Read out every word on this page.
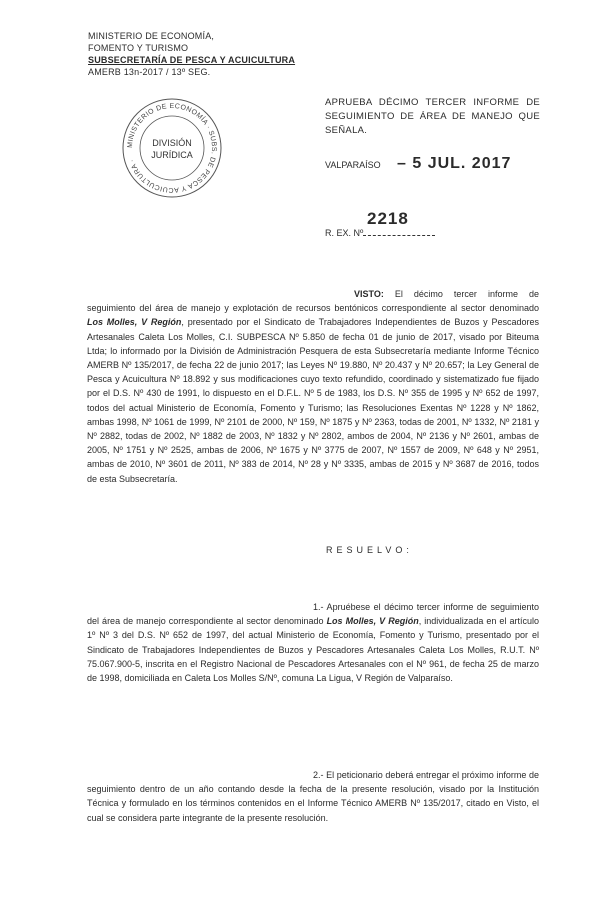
MINISTERIO DE ECONOMÍA,
FOMENTO Y TURISMO
SUBSECRETARÍA DE PESCA Y ACUICULTURA
AMERB 13n-2017 / 13º SEG.
APRUEBA DÉCIMO TERCER INFORME DE SEGUIMIENTO DE ÁREA DE MANEJO QUE SEÑALA.
MINISTERIO DE ECONOMÍA · SUBS. DE PESCA Y ACUICULTURA ·
DIVISIÓN
JURÍDICA
VALPARAÍSO – 5 JUL. 2017
R. EX. Nº
2218
VISTO: El décimo tercer informe de seguimiento del área de manejo y explotación de recursos bentónicos correspondiente al sector denominado Los Molles, V Región, presentado por el Sindicato de Trabajadores Independientes de Buzos y Pescadores Artesanales Caleta Los Molles, C.I. SUBPESCA Nº 5.850 de fecha 01 de junio de 2017, visado por Biteuma Ltda; lo informado por la División de Administración Pesquera de esta Subsecretaría mediante Informe Técnico AMERB Nº 135/2017, de fecha 22 de junio 2017; las Leyes Nº 19.880, Nº 20.437 y Nº 20.657; la Ley General de Pesca y Acuicultura Nº 18.892 y sus modificaciones cuyo texto refundido, coordinado y sistematizado fue fijado por el D.S. Nº 430 de 1991, lo dispuesto en el D.F.L. Nº 5 de 1983, los D.S. Nº 355 de 1995 y Nº 652 de 1997, todos del actual Ministerio de Economía, Fomento y Turismo; las Resoluciones Exentas Nº 1228 y Nº 1862, ambas 1998, Nº 1061 de 1999, Nº 2101 de 2000, Nº 159, Nº 1875 y Nº 2363, todas de 2001, Nº 1332, Nº 2181 y Nº 2882, todas de 2002, Nº 1882 de 2003, Nº 1832 y Nº 2802, ambos de 2004, Nº 2136 y Nº 2601, ambas de 2005, Nº 1751 y Nº 2525, ambas de 2006, Nº 1675 y Nº 3775 de 2007, Nº 1557 de 2009, Nº 648 y Nº 2951, ambas de 2010, Nº 3601 de 2011, Nº 383 de 2014, Nº 28 y Nº 3335, ambas de 2015 y Nº 3687 de 2016, todos de esta Subsecretaría.
RESUELVO:
1.- Apruébese el décimo tercer informe de seguimiento del área de manejo correspondiente al sector denominado Los Molles, V Región, individualizada en el artículo 1º Nº 3 del D.S. Nº 652 de 1997, del actual Ministerio de Economía, Fomento y Turismo, presentado por el Sindicato de Trabajadores Independientes de Buzos y Pescadores Artesanales Caleta Los Molles, R.U.T. Nº 75.067.900-5, inscrita en el Registro Nacional de Pescadores Artesanales con el Nº 961, de fecha 25 de marzo de 1998, domiciliada en Caleta Los Molles S/Nº, comuna La Ligua, V Región de Valparaíso.
2.- El peticionario deberá entregar el próximo informe de seguimiento dentro de un año contando desde la fecha de la presente resolución, visado por la Institución Técnica y formulado en los términos contenidos en el Informe Técnico AMERB Nº 135/2017, citado en Visto, el cual se considera parte integrante de la presente resolución.
